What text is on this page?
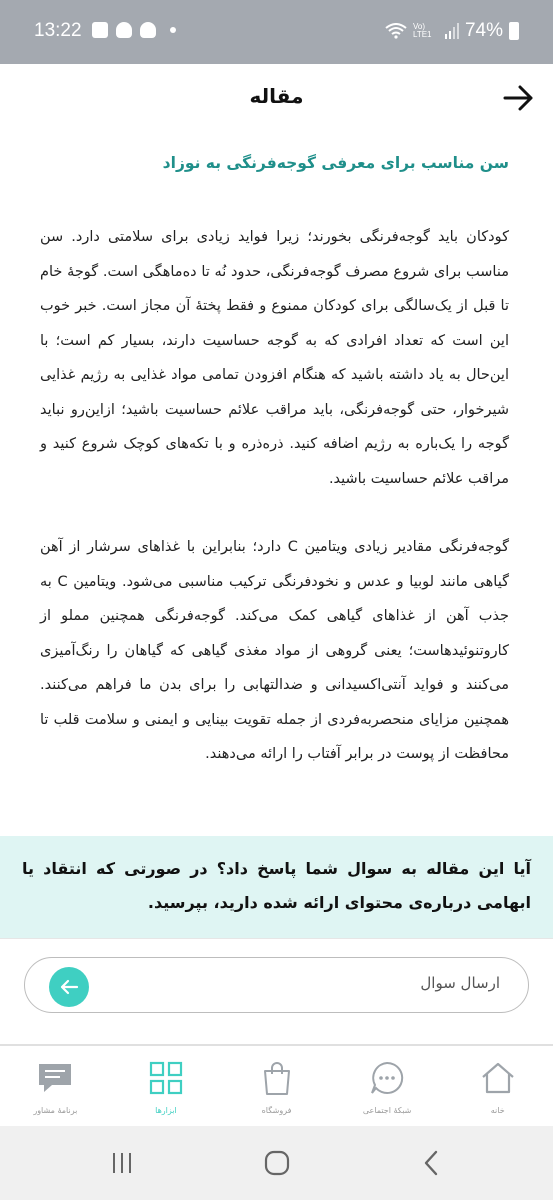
13:22	Vo) LTE1	74%
مقاله
سن مناسب برای معرفی گوجه‌فرنگی به نوزاد

کودکان باید گوجه‌فرنگی بخورند؛ زیرا فواید زیادی برای سلامتی دارد. سن مناسب برای شروع مصرف گوجه‌فرنگی، حدود نُه تا ده‌ماهگی است. گوجهٔ خام تا قبل از یک‌سالگی برای کودکان ممنوع و فقط پختهٔ آن مجاز است. خبر خوب این است که تعداد افرادی که به گوجه حساسیت دارند، بسیار کم است؛ با این‌حال به یاد داشته باشید که هنگام افزودن تمامی مواد غذایی به رژیم غذایی شیرخوار، حتی گوجه‌فرنگی، باید مراقب علائم حساسیت باشید؛ ازاین‌رو نباید گوجه را یک‌باره به رژیم اضافه کنید. ذره‌ذره و با تکه‌های کوچک شروع کنید و مراقب علائم حساسیت باشید.

گوجه‌فرنگی مقادیر زیادی ویتامین C دارد؛ بنابراین با غذاهای سرشار از آهن گیاهی مانند لوبیا و عدس و نخودفرنگی ترکیب مناسبی می‌شود. ویتامین C به جذب آهن از غذاهای گیاهی کمک می‌کند. گوجه‌فرنگی همچنین مملو از کاروتنوئیدهاست؛ یعنی گروهی از مواد مغذی گیاهی که گیاهان را رنگ‌آمیزی می‌کنند و فواید آنتی‌اکسیدانی و ضدالتهابی را برای بدن ما فراهم می‌کنند. همچنین مزایای منحصربه‌فردی از جمله تقویت بینایی و ایمنی و سلامت قلب تا محافظت از پوست در برابر آفتاب را ارائه می‌دهند.

آیا این مقاله به سوال شما پاسخ داد؟ در صورتی که انتقاد یا ابهامی درباره‌ی محتوای ارائه شده دارید، بپرسید.
ارسال سوال
خانه
شبکهٔ اجتماعی
فروشگاه
ابزارها
برنامهٔ مشاور
